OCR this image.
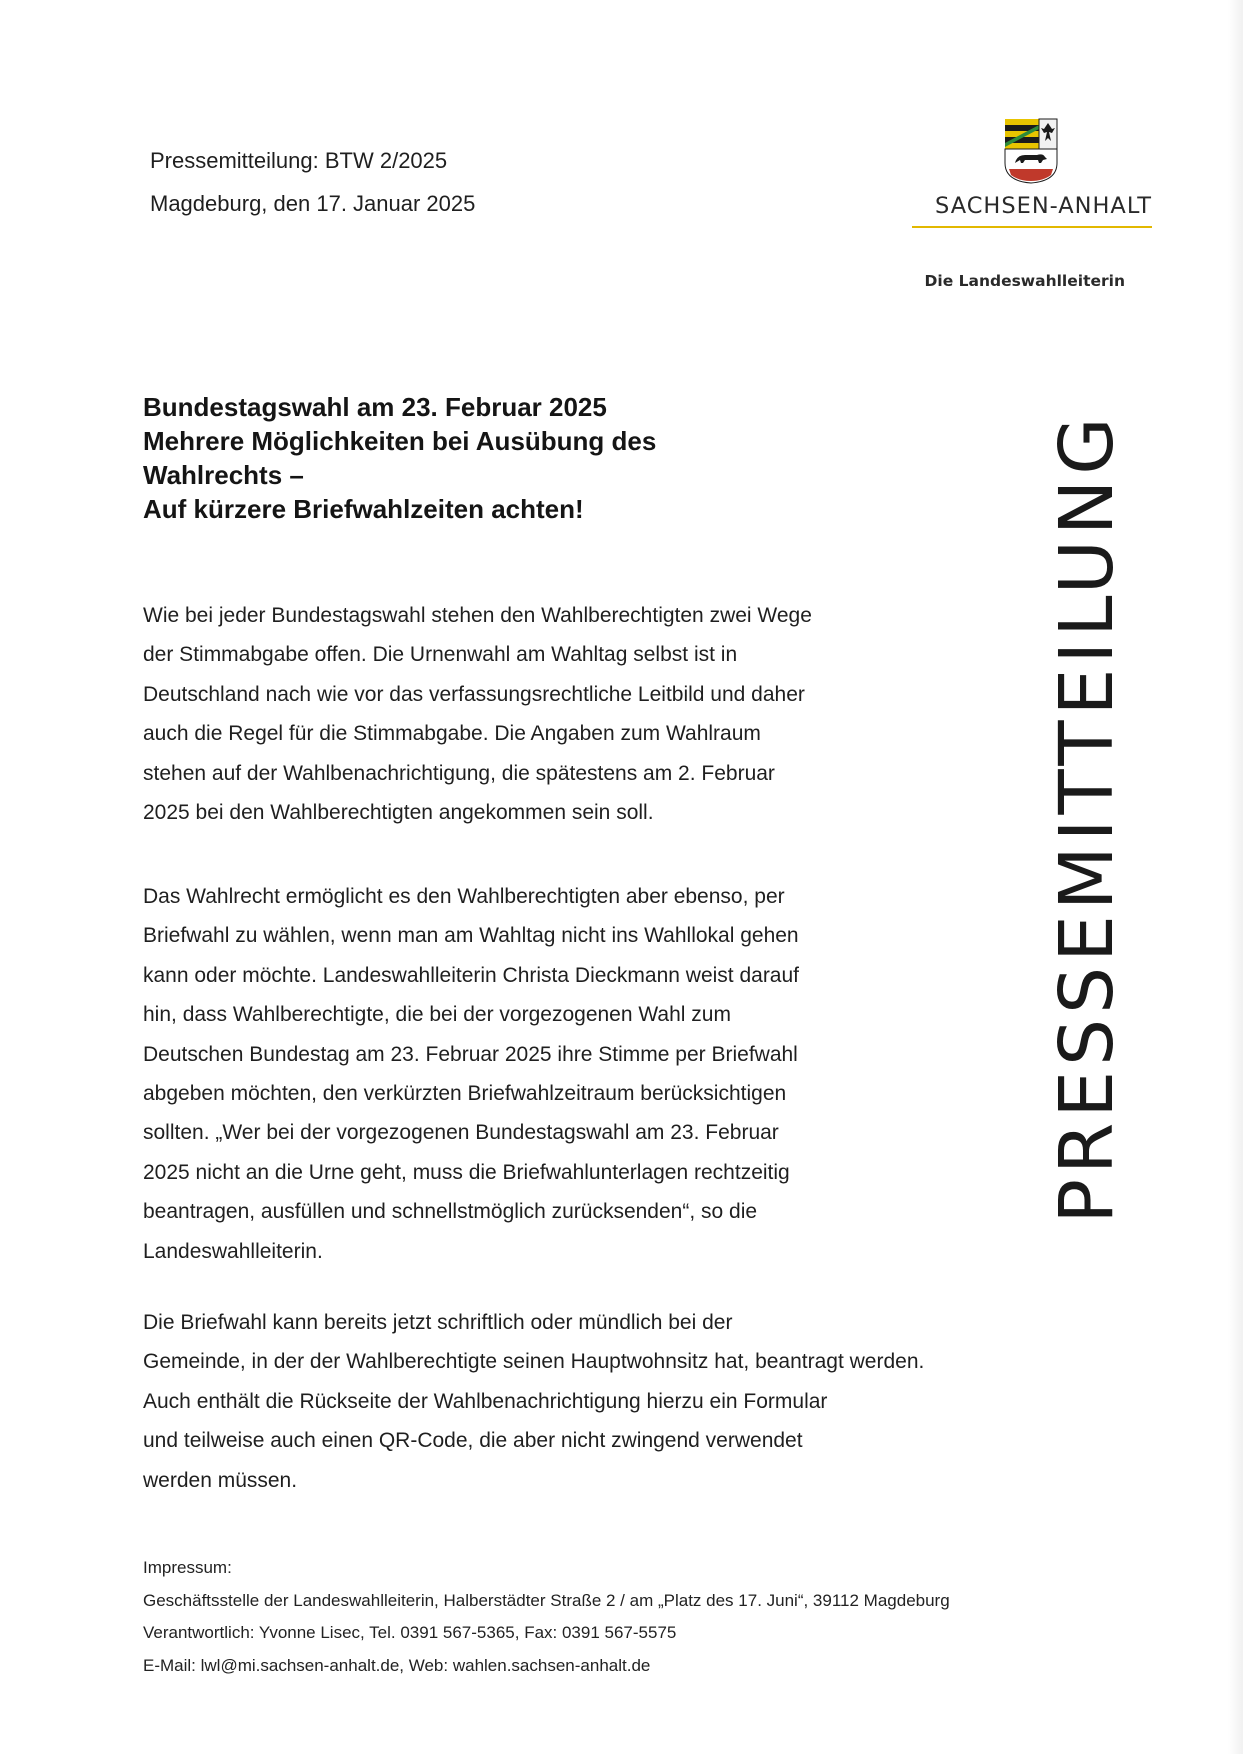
Pressemitteilung: BTW 2/2025
Magdeburg, den 17. Januar 2025	SACHSEN-ANHALT
Die Landeswahlleiterin
Bundestagswahl am 23. Februar 2025
Mehrere Möglichkeiten bei Ausübung des
Wahlrechts –
Auf kürzere Briefwahlzeiten achten!
Wie bei jeder Bundestagswahl stehen den Wahlberechtigten zwei Wege
der Stimmabgabe offen. Die Urnenwahl am Wahltag selbst ist in
Deutschland nach wie vor das verfassungsrechtliche Leitbild und daher
auch die Regel für die Stimmabgabe. Die Angaben zum Wahlraum
stehen auf der Wahlbenachrichtigung, die spätestens am 2. Februar
2025 bei den Wahlberechtigten angekommen sein soll.
Das Wahlrecht ermöglicht es den Wahlberechtigten aber ebenso, per
Briefwahl zu wählen, wenn man am Wahltag nicht ins Wahllokal gehen
kann oder möchte. Landeswahlleiterin Christa Dieckmann weist darauf
hin, dass Wahlberechtigte, die bei der vorgezogenen Wahl zum
Deutschen Bundestag am 23. Februar 2025 ihre Stimme per Briefwahl
abgeben möchten, den verkürzten Briefwahlzeitraum berücksichtigen
sollten. „Wer bei der vorgezogenen Bundestagswahl am 23. Februar
2025 nicht an die Urne geht, muss die Briefwahlunterlagen rechtzeitig
beantragen, ausfüllen und schnellstmöglich zurücksenden“, so die
Landeswahlleiterin.
Die Briefwahl kann bereits jetzt schriftlich oder mündlich bei der
Gemeinde, in der der Wahlberechtigte seinen Hauptwohnsitz hat, beantragt werden.
Auch enthält die Rückseite der Wahlbenachrichtigung hierzu ein Formular
und teilweise auch einen QR-Code, die aber nicht zwingend verwendet
werden müssen.
PRESSEMITTEILUNG
Impressum:
Geschäftsstelle der Landeswahlleiterin, Halberstädter Straße 2 / am „Platz des 17. Juni“, 39112 Magdeburg
Verantwortlich: Yvonne Lisec, Tel. 0391 567-5365, Fax: 0391 567-5575
E-Mail: lwl@mi.sachsen-anhalt.de, Web: wahlen.sachsen-anhalt.de
